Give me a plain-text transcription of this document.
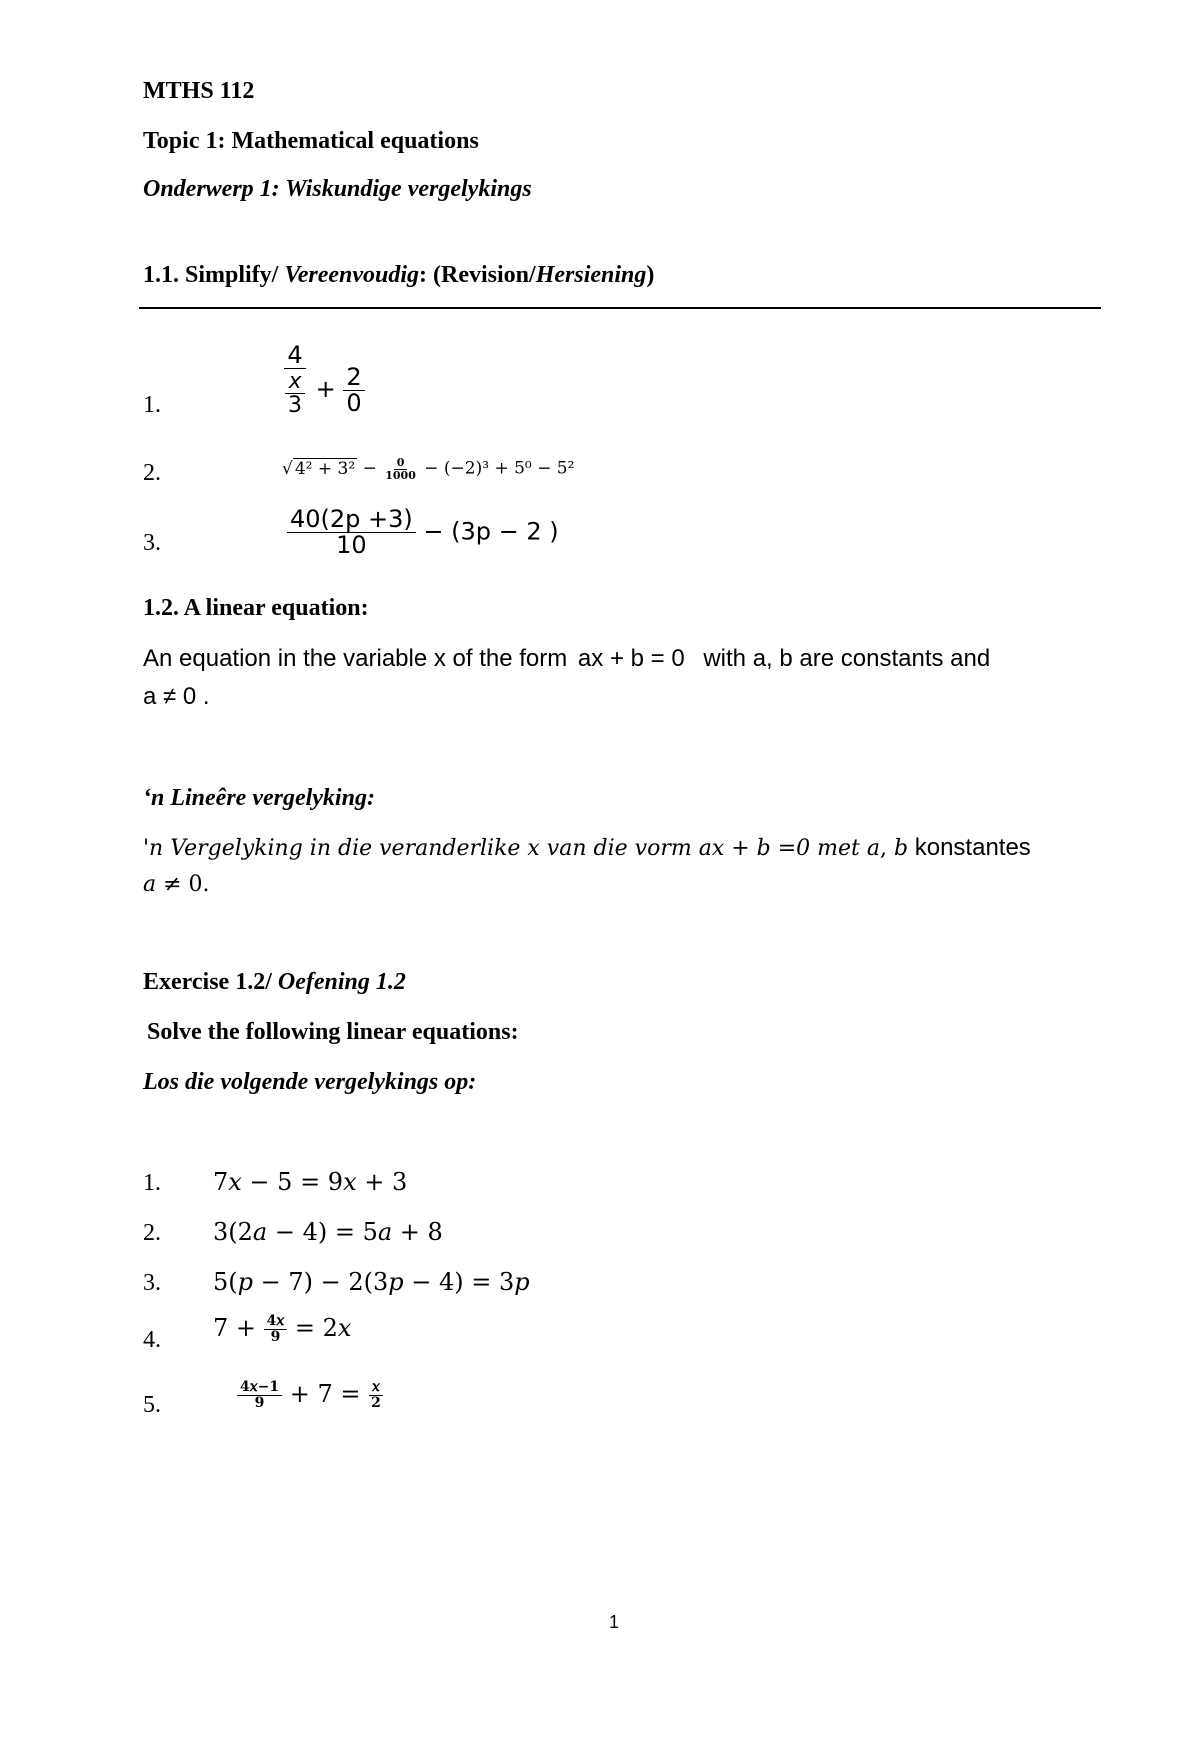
MTHS 112
Topic 1: Mathematical equations
Onderwerp 1: Wiskundige vergelykings
1.1. Simplify/ Vereenvoudig: (Revision/Hersiening)
1.	$\frac{4}{\frac{x}{3}} + \frac{2}{0}$
2.	√ $4^2 + 3^2 - \frac{0}{1000} - (-2)^3 + 5^0 - 5^2$
3.	$\frac{40(2p +3)}{10} - (3p - 2$ )
1.2. A linear equation:
An equation in the variable x of the form ax + b = 0 with a, b are constants and
a ≠ 0 .
‘n Lineêre vergelyking:
'n Vergelyking in die veranderlike x van die vorm 𝑎𝑥 + 𝑏 =0 met 𝑎, 𝑏 konstantes
𝑎 ≠ 0.
Exercise 1.2/ Oefening 1.2
Solve the following linear equations:
Los die volgende vergelykings op:
1. 7𝑥 − 5 = 9𝑥 + 3
2. 3(2𝑎 − 4) = 5𝑎 + 8
3. 5(𝑝 − 7) − 2(3𝑝 − 4) = 3𝑝
4. $7 + \frac{\text{4𝑥}}{9}$ = 2𝑥
5.	$\frac{\text{4𝑥−1}}{9} + 7 = \frac{\text{𝑥}}{2}$
1
